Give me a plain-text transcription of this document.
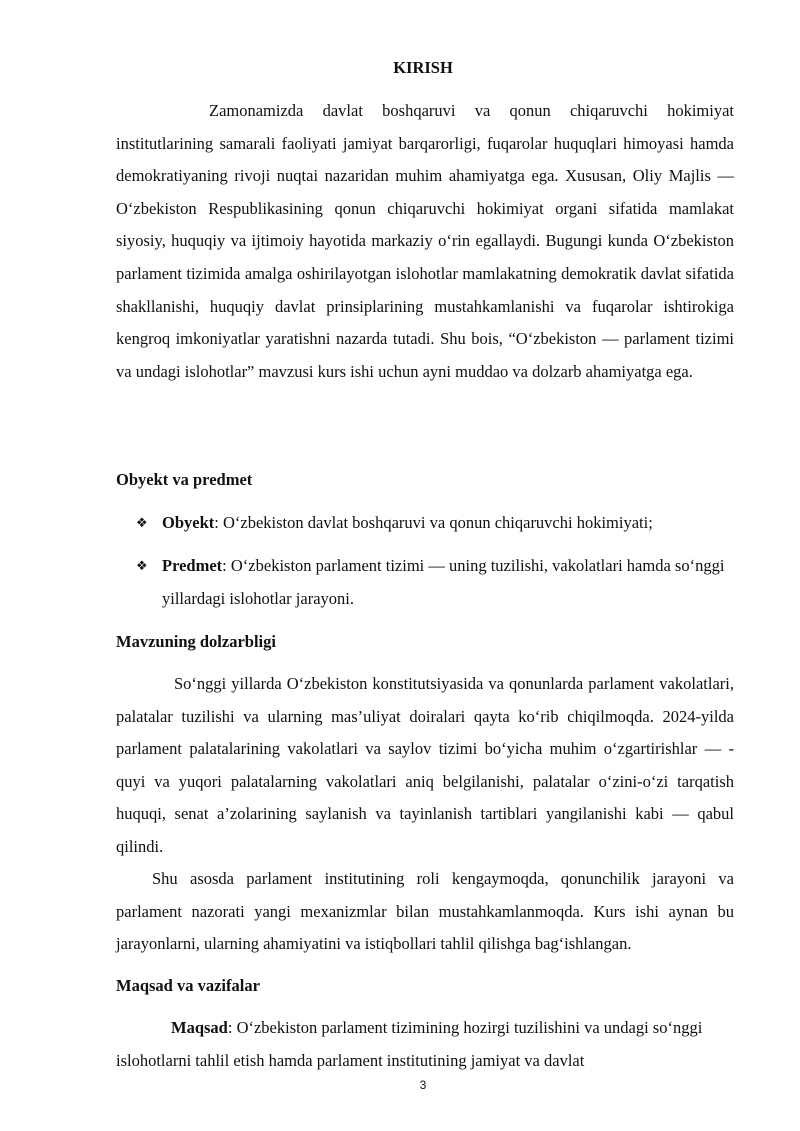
KIRISH

Zamonamizda davlat boshqaruvi va qonun chiqaruvchi hokimiyat institutlarining samarali faoliyati jamiyat barqarorligi, fuqarolar huquqlari himoyasi hamda demokratiyaning rivoji nuqtai nazaridan muhim ahamiyatga ega. Xususan, Oliy Majlis — O‘zbekiston Respublikasining qonun chiqaruvchi hokimiyat organi sifatida mamlakat siyosiy, huquqiy va ijtimoiy hayotida markaziy o‘rin egallaydi. Bugungi kunda O‘zbekiston parlament tizimida amalga oshirilayotgan islohotlar mamlakatning demokratik davlat sifatida shakllanishi, huquqiy davlat prinsiplarining mustahkamlanishi va fuqarolar ishtirokiga kengroq imkoniyatlar yaratishni nazarda tutadi. Shu bois, “O‘zbekiston — parlament tizimi va undagi islohotlar” mavzusi kurs ishi uchun ayni muddao va dolzarb ahamiyatga ega.

Obyekt va predmet
❖ Obyekt: O‘zbekiston davlat boshqaruvi va qonun chiqaruvchi hokimiyati;
❖ Predmet: O‘zbekiston parlament tizimi — uning tuzilishi, vakolatlari hamda so‘nggi yillardagi islohotlar jarayoni.
Mavzuning dolzarbligi

So‘nggi yillarda O‘zbekiston konstitutsiyasida va qonunlarda parlament vakolatlari, palatalar tuzilishi va ularning mas’uliyat doiralari qayta ko‘rib chiqilmoqda. 2024-yilda parlament palatalarining vakolatlari va saylov tizimi bo‘yicha muhim o‘zgartirishlar — - quyi va yuqori palatalarning vakolatlari aniq belgilanishi, palatalar o‘zini-o‘zi tarqatish huquqi, senat a’zolarining saylanish va tayinlanish tartiblari yangilanishi kabi — qabul qilindi.

Shu asosda parlament institutining roli kengaymoqda, qonunchilik jarayoni va parlament nazorati yangi mexanizmlar bilan mustahkamlanmoqda. Kurs ishi aynan bu jarayonlarni, ularning ahamiyatini va istiqbollari tahlil qilishga bag‘ishlangan.

Maqsad va vazifalar

Maqsad: O‘zbekiston parlament tizimining hozirgi tuzilishini va undagi so‘nggi islohotlarni tahlil etish hamda parlament institutining jamiyat va davlat

3
